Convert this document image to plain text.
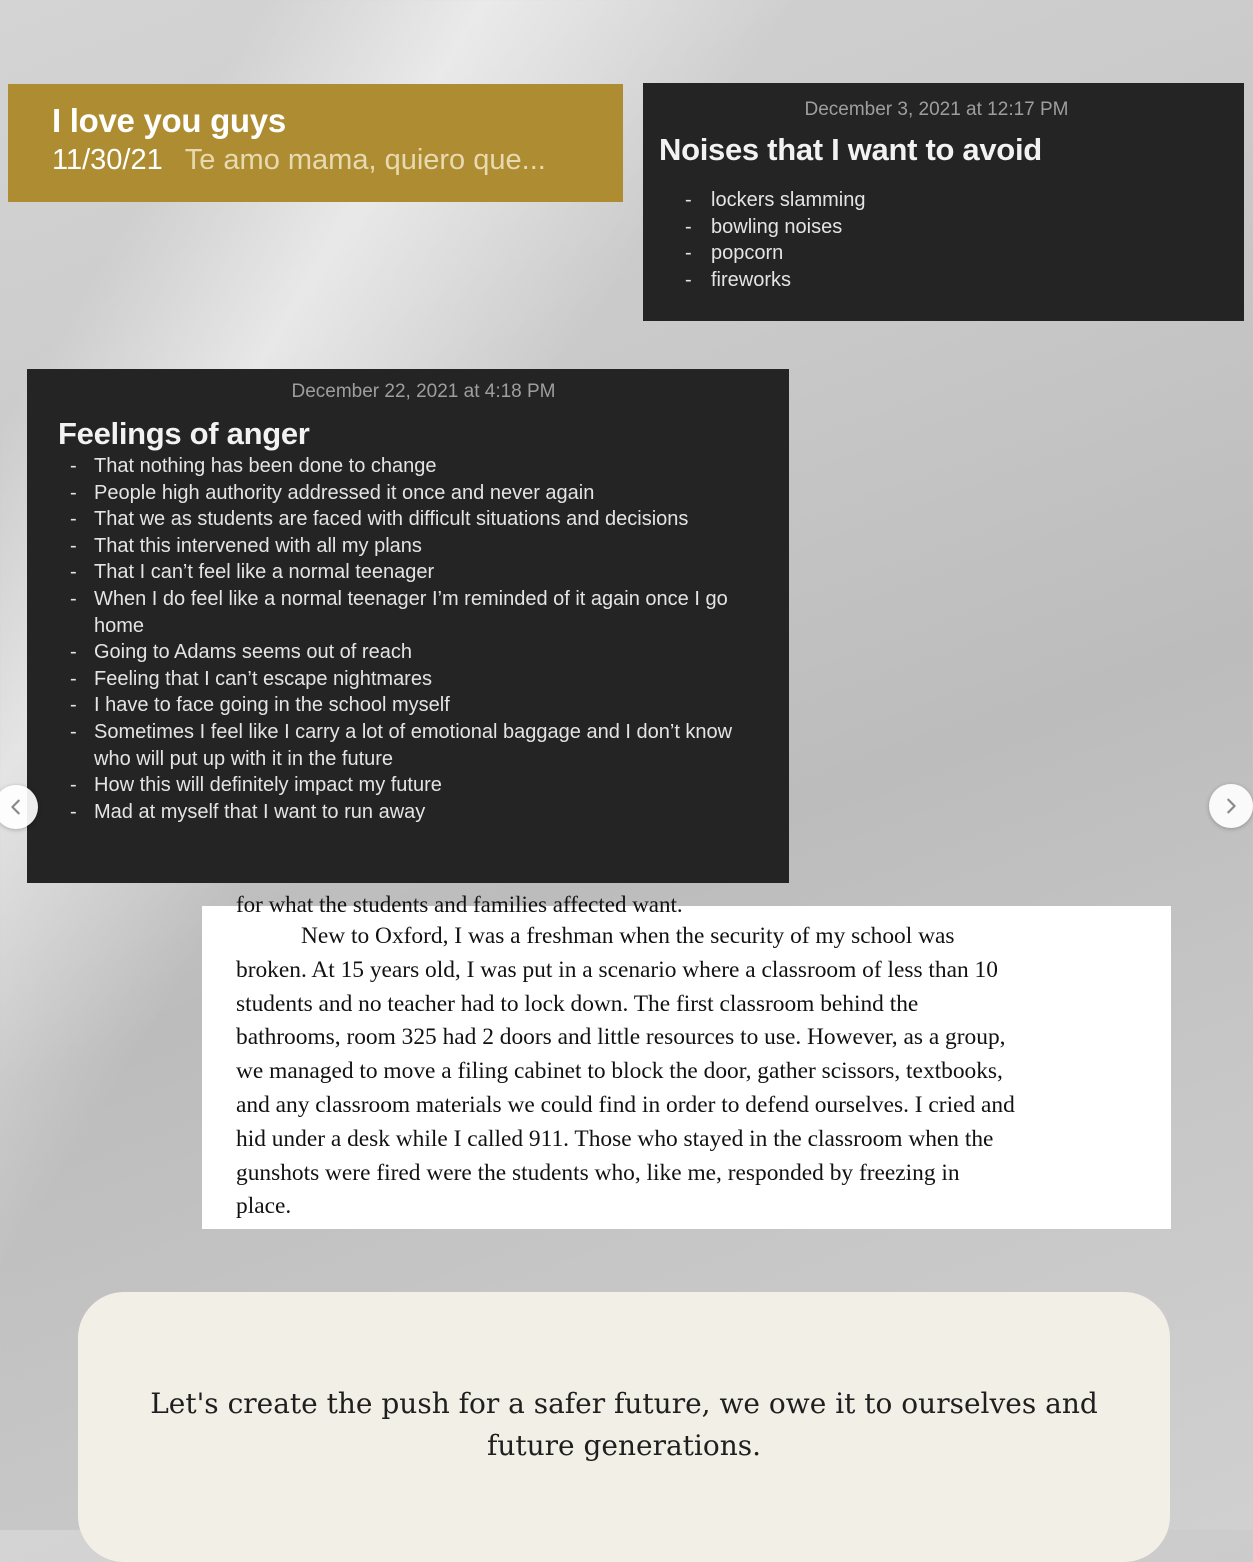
I love you guys
11/30/21 Te amo mama, quiero que...
December 3, 2021 at 12:17 PM
Noises that I want to avoid
- lockers slamming
- bowling noises
- popcorn
- fireworks
December 22, 2021 at 4:18 PM
Feelings of anger
- That nothing has been done to change
- People high authority addressed it once and never again
- That we as students are faced with difficult situations and decisions
- That this intervened with all my plans
- That I can’t feel like a normal teenager
- When I do feel like a normal teenager I’m reminded of it again once I go home
- Going to Adams seems out of reach
- Feeling that I can’t escape nightmares
- I have to face going in the school myself
- Sometimes I feel like I carry a lot of emotional baggage and I don’t know who will put up with it in the future
- How this will definitely impact my future
- Mad at myself that I want to run away
for what the students and families affected want.
New to Oxford, I was a freshman when the security of my school was
broken. At 15 years old, I was put in a scenario where a classroom of less than 10
students and no teacher had to lock down. The first classroom behind the
bathrooms, room 325 had 2 doors and little resources to use. However, as a group,
we managed to move a filing cabinet to block the door, gather scissors, textbooks,
and any classroom materials we could find in order to defend ourselves. I cried and
hid under a desk while I called 911. Those who stayed in the classroom when the
gunshots were fired were the students who, like me, responded by freezing in
place.
Let's create the push for a safer future, we owe it to ourselves and
future generations.
